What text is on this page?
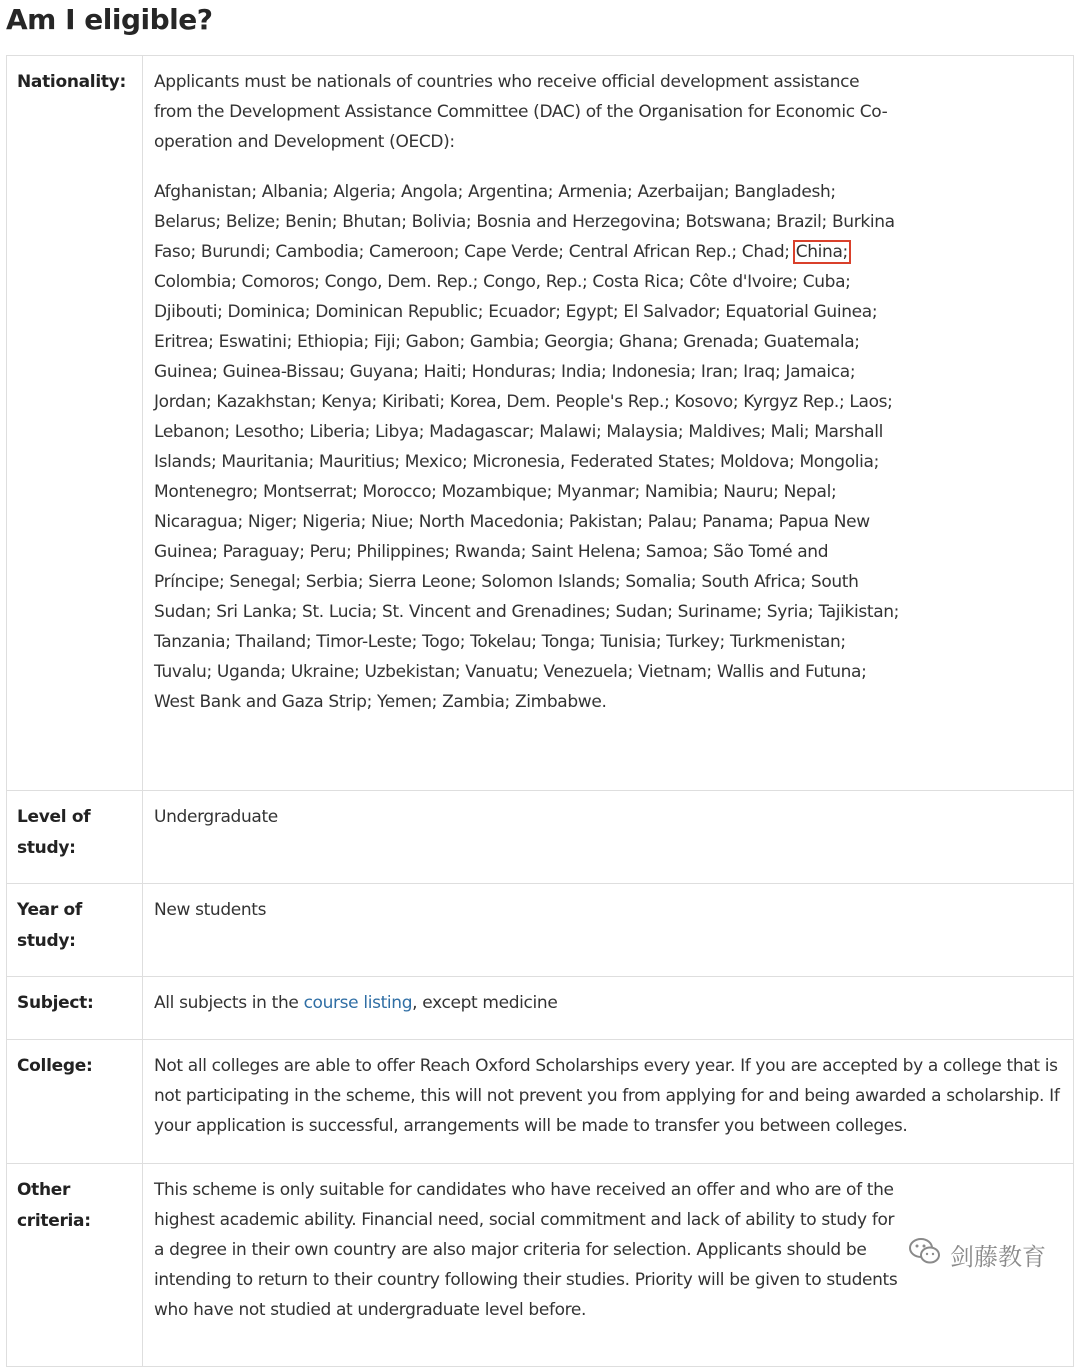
Am I eligible?
Nationality:	Applicants must be nationals of countries who receive official development assistance from the Development Assistance Committee (DAC) of the Organisation for Economic Co-operation and Development (OECD):

Afghanistan; Albania; Algeria; Angola; Argentina; Armenia; Azerbaijan; Bangladesh; Belarus; Belize; Benin; Bhutan; Bolivia; Bosnia and Herzegovina; Botswana; Brazil; Burkina Faso; Burundi; Cambodia; Cameroon; Cape Verde; Central African Rep.; Chad; China; Colombia; Comoros; Congo, Dem. Rep.; Congo, Rep.; Costa Rica; Côte d'Ivoire; Cuba; Djibouti; Dominica; Dominican Republic; Ecuador; Egypt; El Salvador; Equatorial Guinea; Eritrea; Eswatini; Ethiopia; Fiji; Gabon; Gambia; Georgia; Ghana; Grenada; Guatemala; Guinea; Guinea-Bissau; Guyana; Haiti; Honduras; India; Indonesia; Iran; Iraq; Jamaica; Jordan; Kazakhstan; Kenya; Kiribati; Korea, Dem. People's Rep.; Kosovo; Kyrgyz Rep.; Laos; Lebanon; Lesotho; Liberia; Libya; Madagascar; Malawi; Malaysia; Maldives; Mali; Marshall Islands; Mauritania; Mauritius; Mexico; Micronesia, Federated States; Moldova; Mongolia; Montenegro; Montserrat; Morocco; Mozambique; Myanmar; Namibia; Nauru; Nepal; Nicaragua; Niger; Nigeria; Niue; North Macedonia; Pakistan; Palau; Panama; Papua New Guinea; Paraguay; Peru; Philippines; Rwanda; Saint Helena; Samoa; São Tomé and Príncipe; Senegal; Serbia; Sierra Leone; Solomon Islands; Somalia; South Africa; South Sudan; Sri Lanka; St. Lucia; St. Vincent and Grenadines; Sudan; Suriname; Syria; Tajikistan; Tanzania; Thailand; Timor-Leste; Togo; Tokelau; Tonga; Tunisia; Turkey; Turkmenistan; Tuvalu; Uganda; Ukraine; Uzbekistan; Vanuatu; Venezuela; Vietnam; Wallis and Futuna; West Bank and Gaza Strip; Yemen; Zambia; Zimbabwe.

Level of study:	Undergraduate
Year of study:	New students
Subject:	All subjects in the course listing, except medicine
College:	Not all colleges are able to offer Reach Oxford Scholarships every year. If you are accepted by a college that is not participating in the scheme, this will not prevent you from applying for and being awarded a scholarship. If your application is successful, arrangements will be made to transfer you between colleges.
Other criteria:	This scheme is only suitable for candidates who have received an offer and who are of the highest academic ability. Financial need, social commitment and lack of ability to study for a degree in their own country are also major criteria for selection. Applicants should be intending to return to their country following their studies. Priority will be given to students who have not studied at undergraduate level before.

剑藤教育
